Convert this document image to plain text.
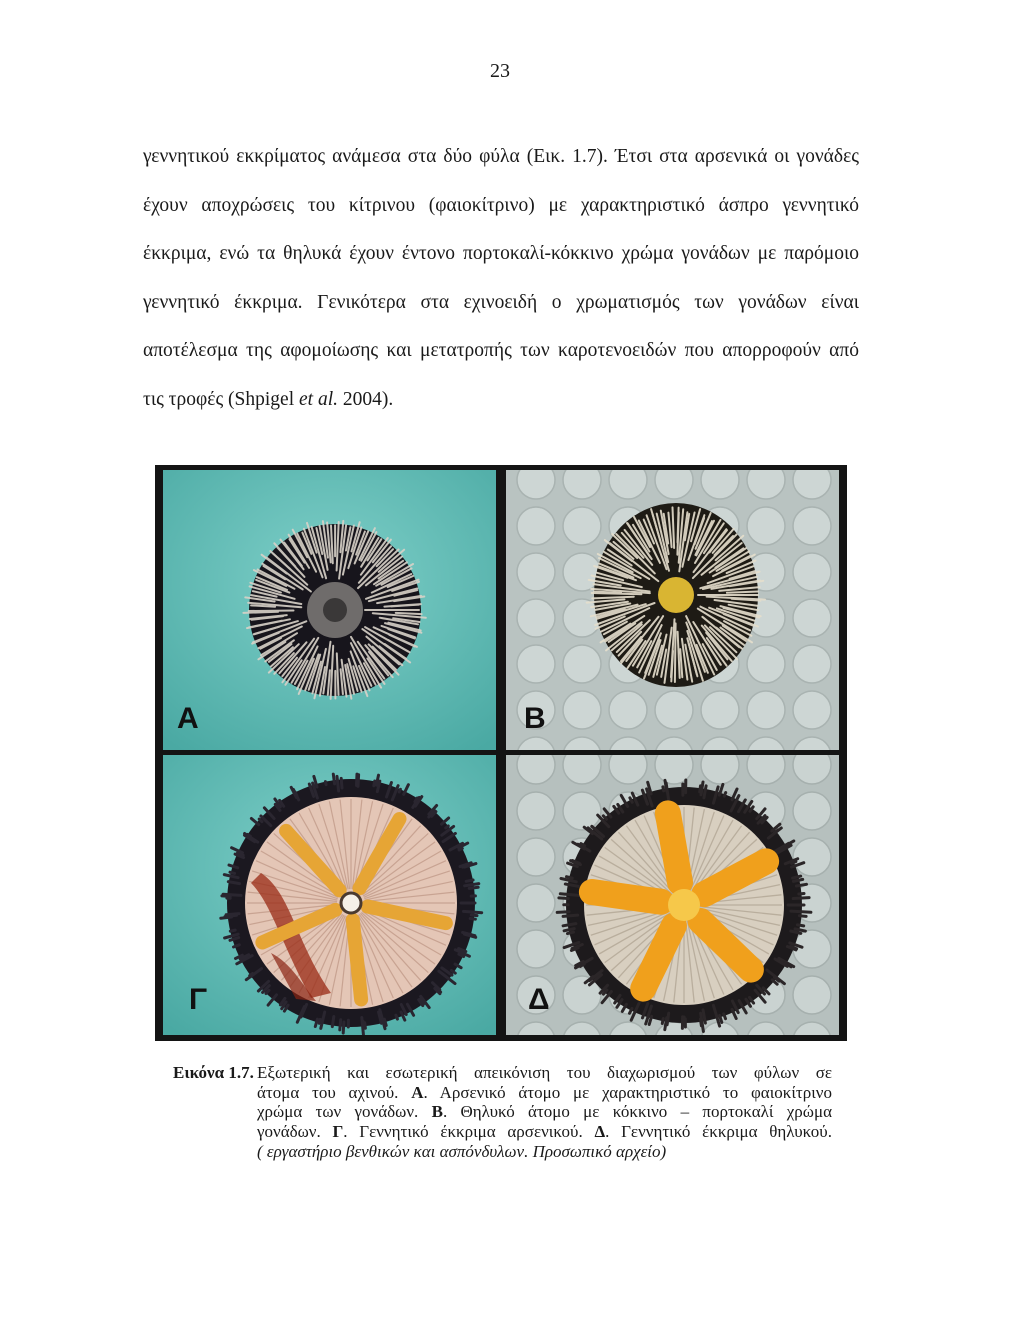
23
γεννητικού εκκρίματος ανάμεσα στα δύο φύλα (Εικ. 1.7). Έτσι στα αρσενικά οι γονάδες
έχουν αποχρώσεις του κίτρινου (φαιοκίτρινο) με χαρακτηριστικό άσπρο γεννητικό
έκκριμα, ενώ τα θηλυκά έχουν έντονο πορτοκαλί-κόκκινο χρώμα γονάδων με παρόμοιο
γεννητικό έκκριμα. Γενικότερα στα εχινοειδή ο χρωματισμός των γονάδων είναι
αποτέλεσμα της αφομοίωσης και μετατροπής των καροτενοειδών που απορροφούν από
τις τροφές (Shpigel et al. 2004).
Α	Β
Γ	Δ
Εικόνα 1.7. Εξωτερική και εσωτερική απεικόνιση του διαχωρισμού των φύλων σε
άτομα του αχινού. Α. Αρσενικό άτομο με χαρακτηριστικό το φαιοκίτρινο
χρώμα των γονάδων. Β. Θηλυκό άτομο με κόκκινο – πορτοκαλί χρώμα
γονάδων. Γ. Γεννητικό έκκριμα αρσενικού. Δ. Γεννητικό έκκριμα θηλυκού.
( εργαστήριο βενθικών και ασπόνδυλων. Προσωπικό αρχείο)
